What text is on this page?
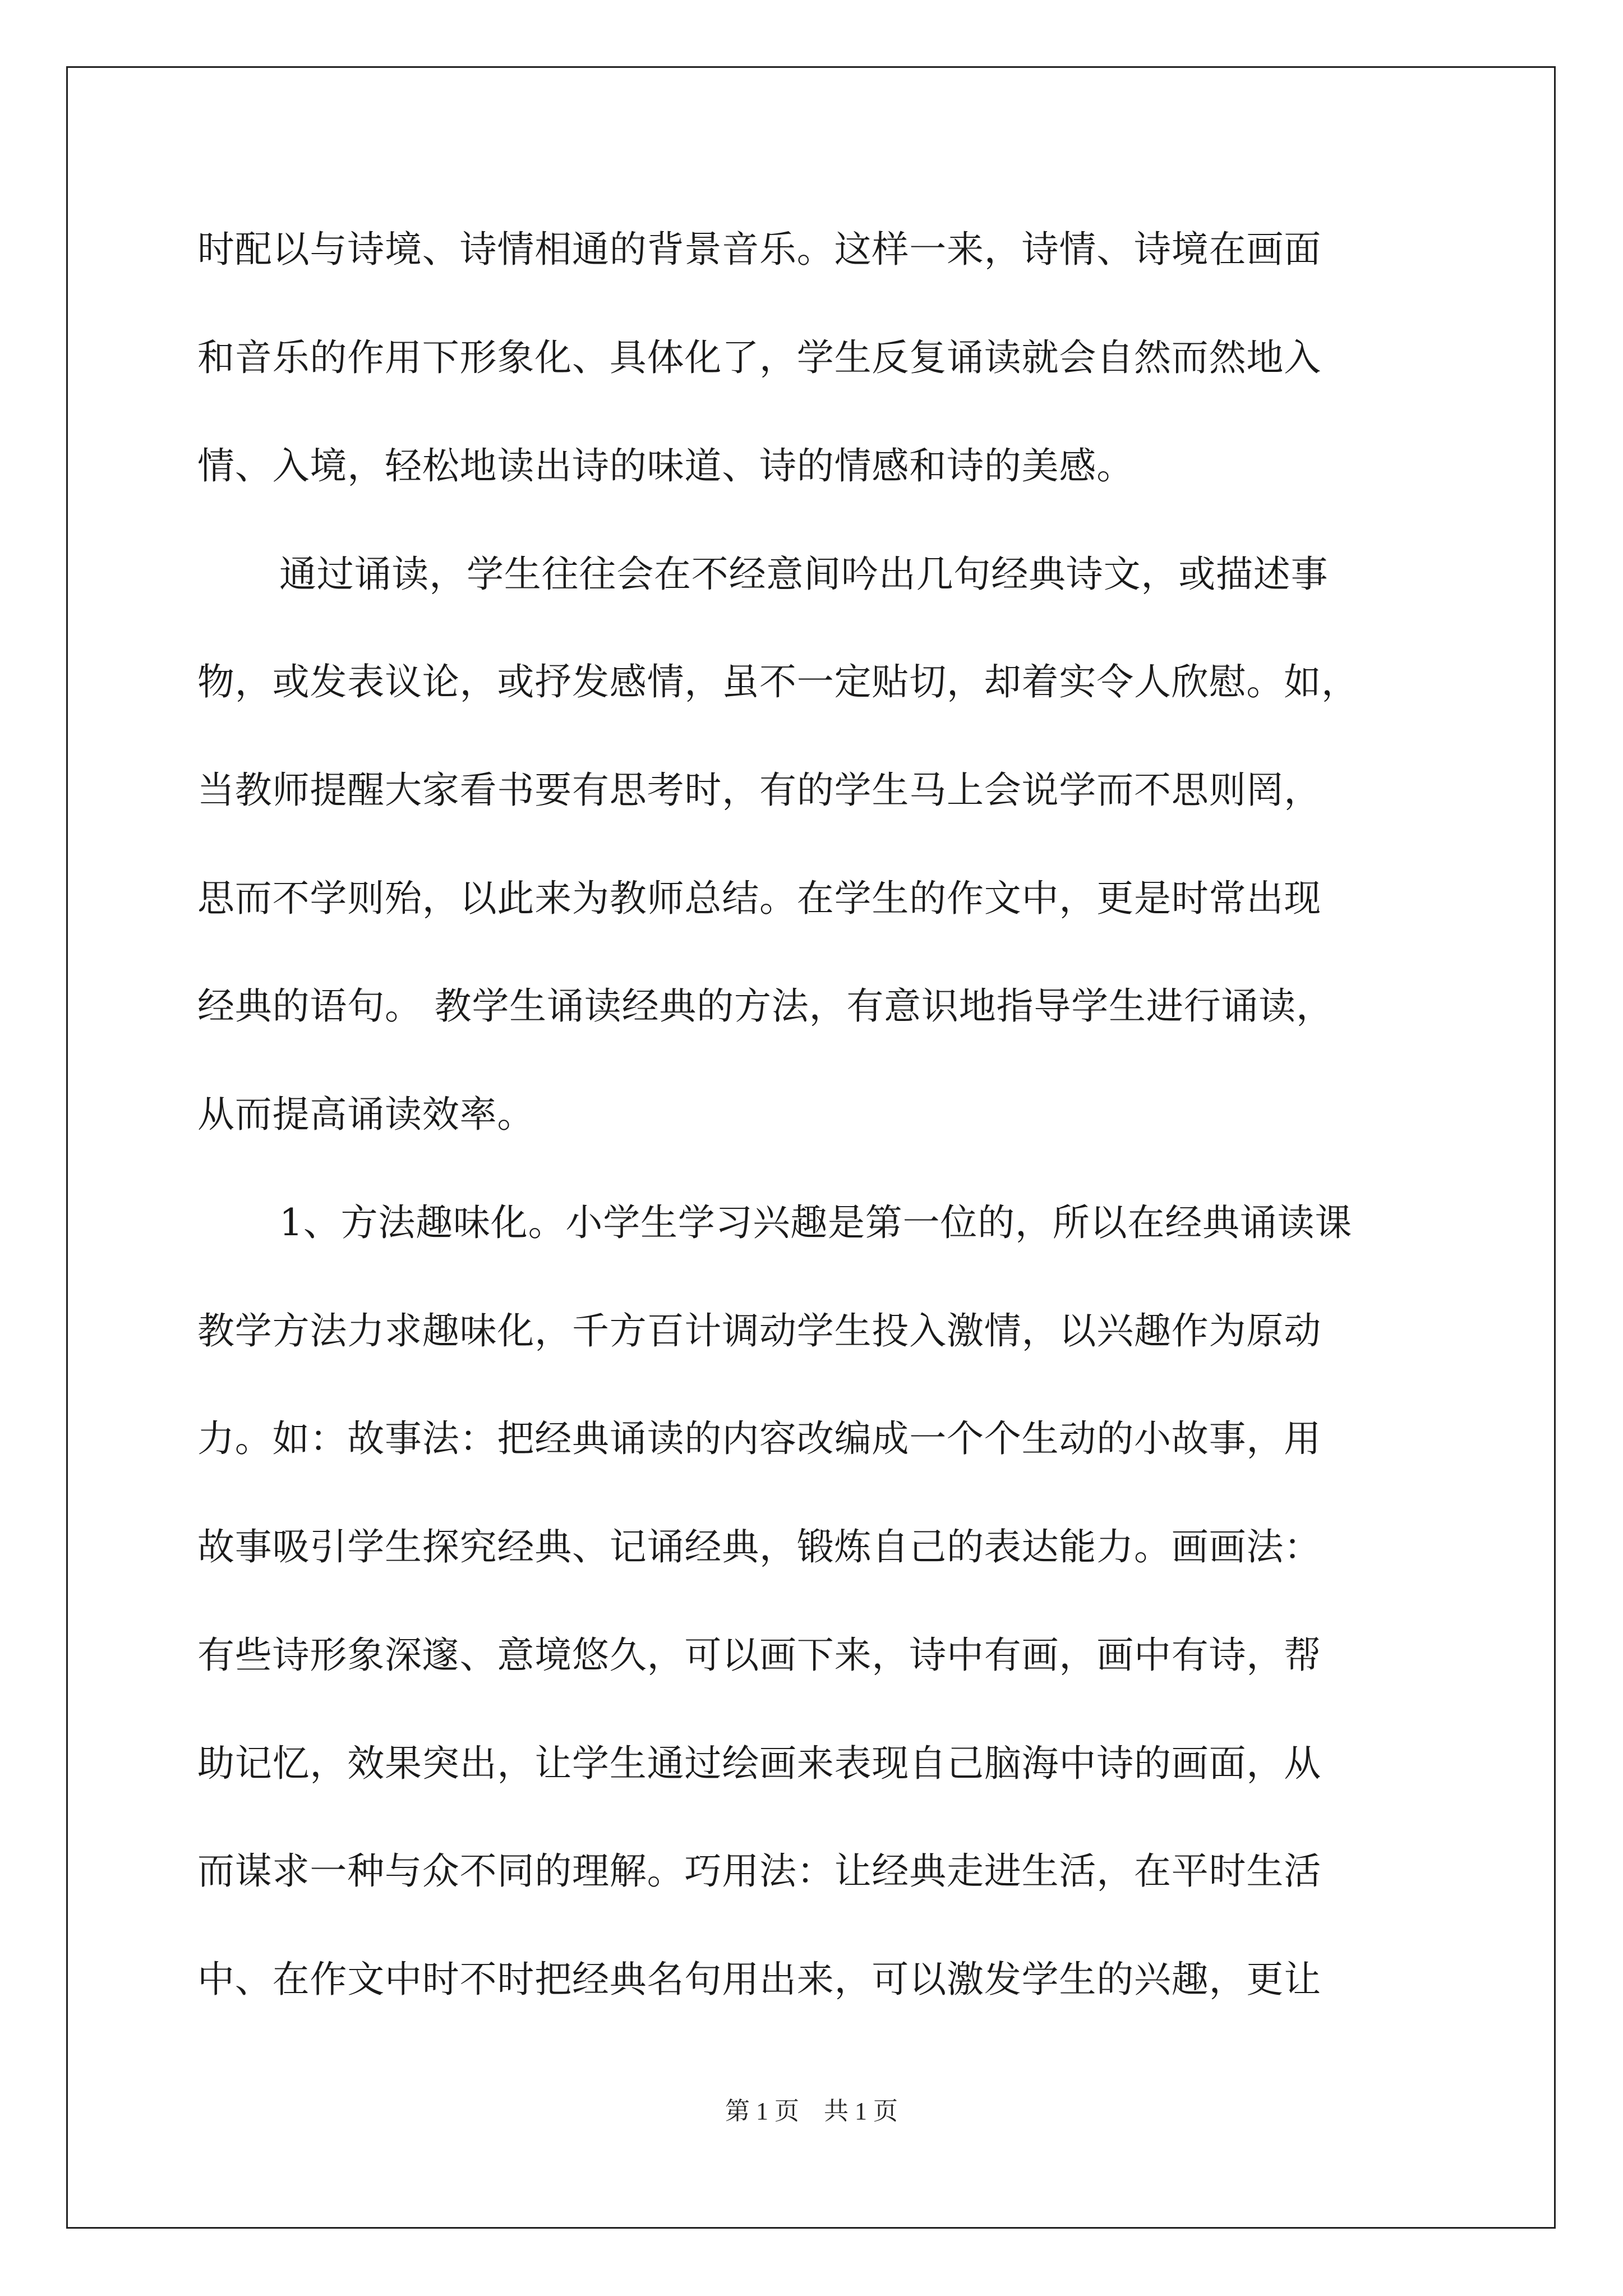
时配以与诗境、诗情相通的背景音乐。这样一来，诗情、诗境在画面
和音乐的作用下形象化、具体化了，学生反复诵读就会自然而然地入
情、入境，轻松地读出诗的味道、诗的情感和诗的美感。
通过诵读，学生往往会在不经意间吟出几句经典诗文，或描述事
物，或发表议论，或抒发感情，虽不一定贴切，却着实令人欣慰。如，
当教师提醒大家看书要有思考时，有的学生马上会说学而不思则罔，
思而不学则殆，以此来为教师总结。在学生的作文中，更是时常出现
经典的语句。 教学生诵读经典的方法，有意识地指导学生进行诵读，
从而提高诵读效率。
1、方法趣味化。小学生学习兴趣是第一位的，所以在经典诵读课
教学方法力求趣味化，千方百计调动学生投入激情，以兴趣作为原动
力。如：故事法：把经典诵读的内容改编成一个个生动的小故事，用
故事吸引学生探究经典、记诵经典，锻炼自己的表达能力。画画法：
有些诗形象深邃、意境悠久，可以画下来，诗中有画，画中有诗，帮
助记忆，效果突出，让学生通过绘画来表现自己脑海中诗的画面，从
而谋求一种与众不同的理解。巧用法：让经典走进生活，在平时生活
中、在作文中时不时把经典名句用出来，可以激发学生的兴趣，更让
第 1 页　共 1 页
